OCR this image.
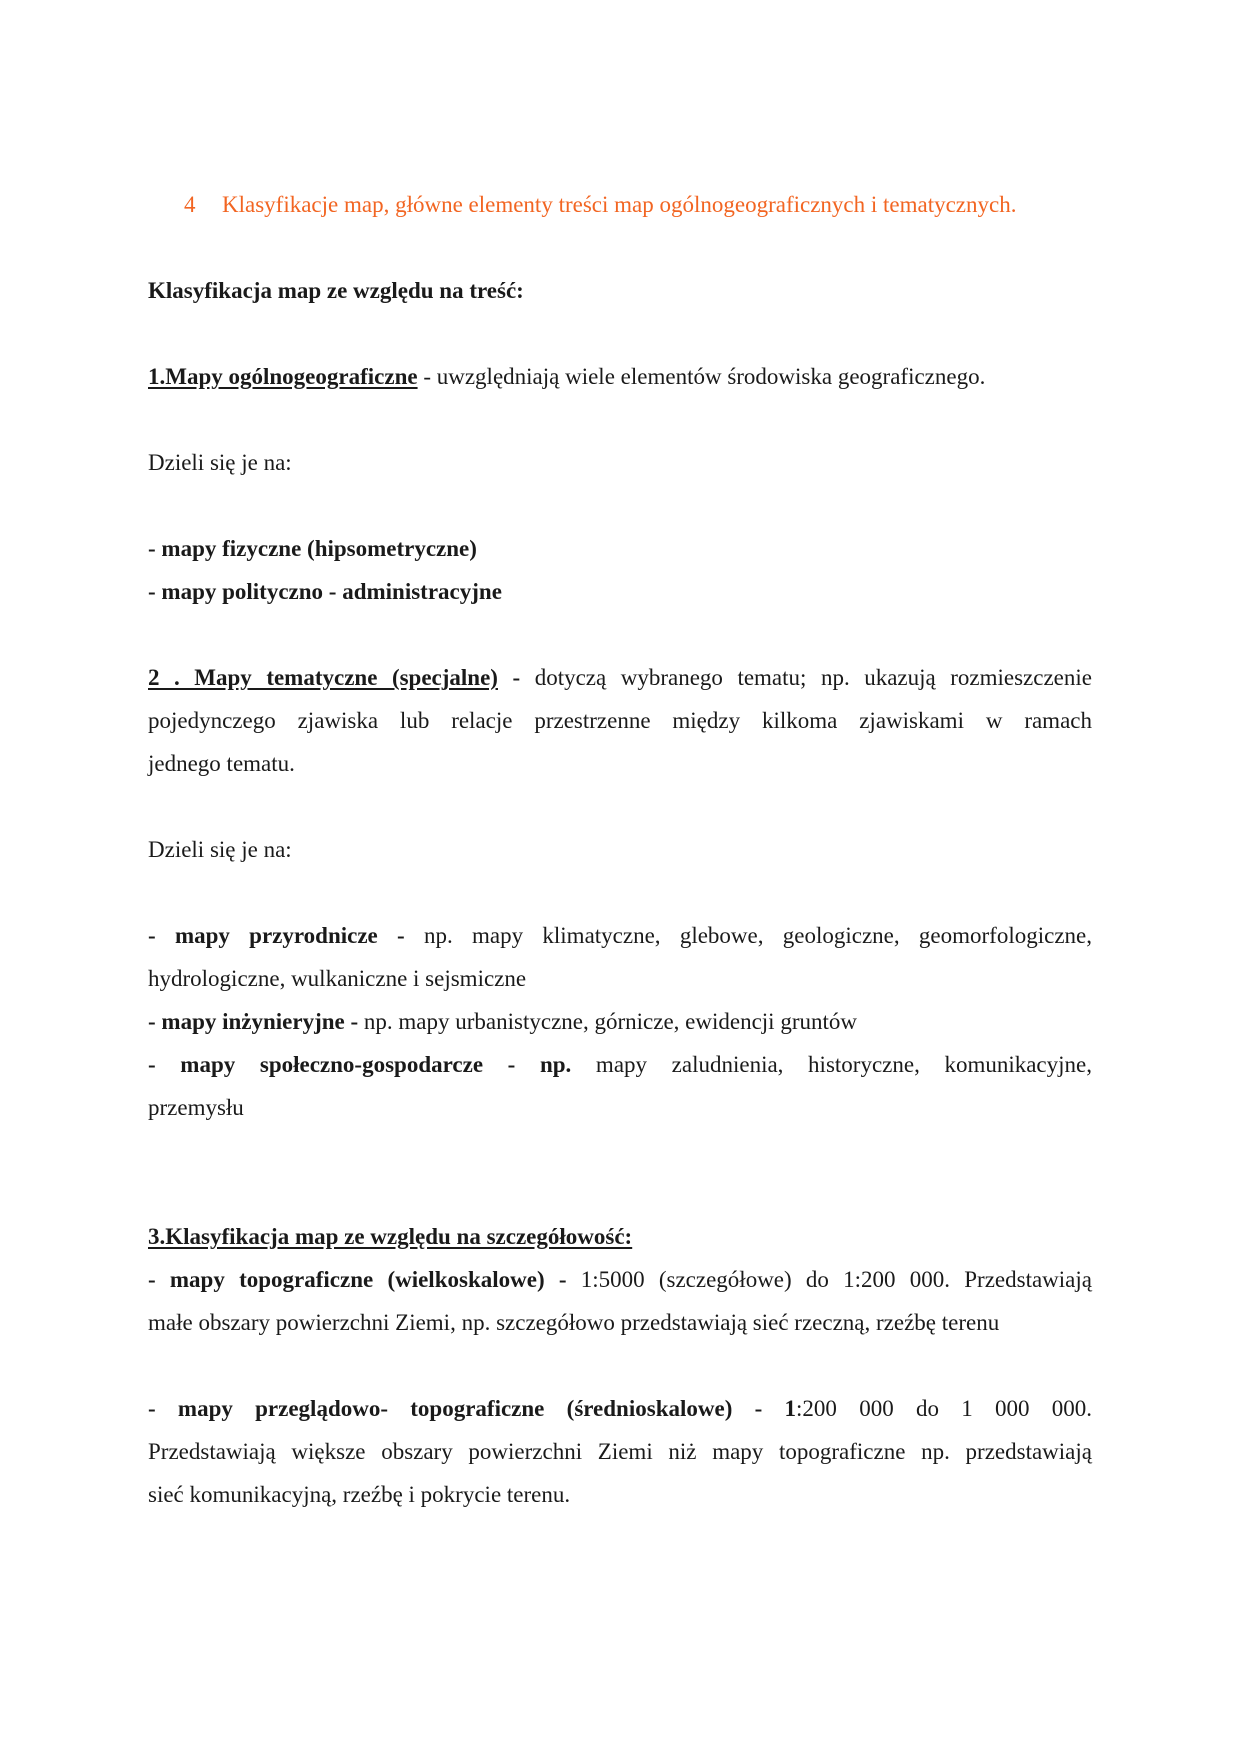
4 Klasyfikacje map, główne elementy treści map ogólnogeograficznych i tematycznych.
Klasyfikacja map ze względu na treść:
1.Mapy ogólnogeograficzne - uwzględniają wiele elementów środowiska geograficznego.
Dzieli się je na:
- mapy fizyczne (hipsometryczne)
- mapy polityczno - administracyjne
2 . Mapy tematyczne (specjalne) - dotyczą wybranego tematu; np. ukazują rozmieszczenie
pojedynczego zjawiska lub relacje przestrzenne między kilkoma zjawiskami w ramach
jednego tematu.
Dzieli się je na:
- mapy przyrodnicze - np. mapy klimatyczne, glebowe, geologiczne, geomorfologiczne,
hydrologiczne, wulkaniczne i sejsmiczne
- mapy inżynieryjne - np. mapy urbanistyczne, górnicze, ewidencji gruntów
- mapy społeczno-gospodarcze - np. mapy zaludnienia, historyczne, komunikacyjne,
przemysłu
3.Klasyfikacja map ze względu na szczegółowość:
- mapy topograficzne (wielkoskalowe) - 1:5000 (szczegółowe) do 1:200 000. Przedstawiają
małe obszary powierzchni Ziemi, np. szczegółowo przedstawiają sieć rzeczną, rzeźbę terenu
- mapy przeglądowo- topograficzne (średnioskalowe) - 1:200 000 do 1 000 000.
Przedstawiają większe obszary powierzchni Ziemi niż mapy topograficzne np. przedstawiają
sieć komunikacyjną, rzeźbę i pokrycie terenu.
